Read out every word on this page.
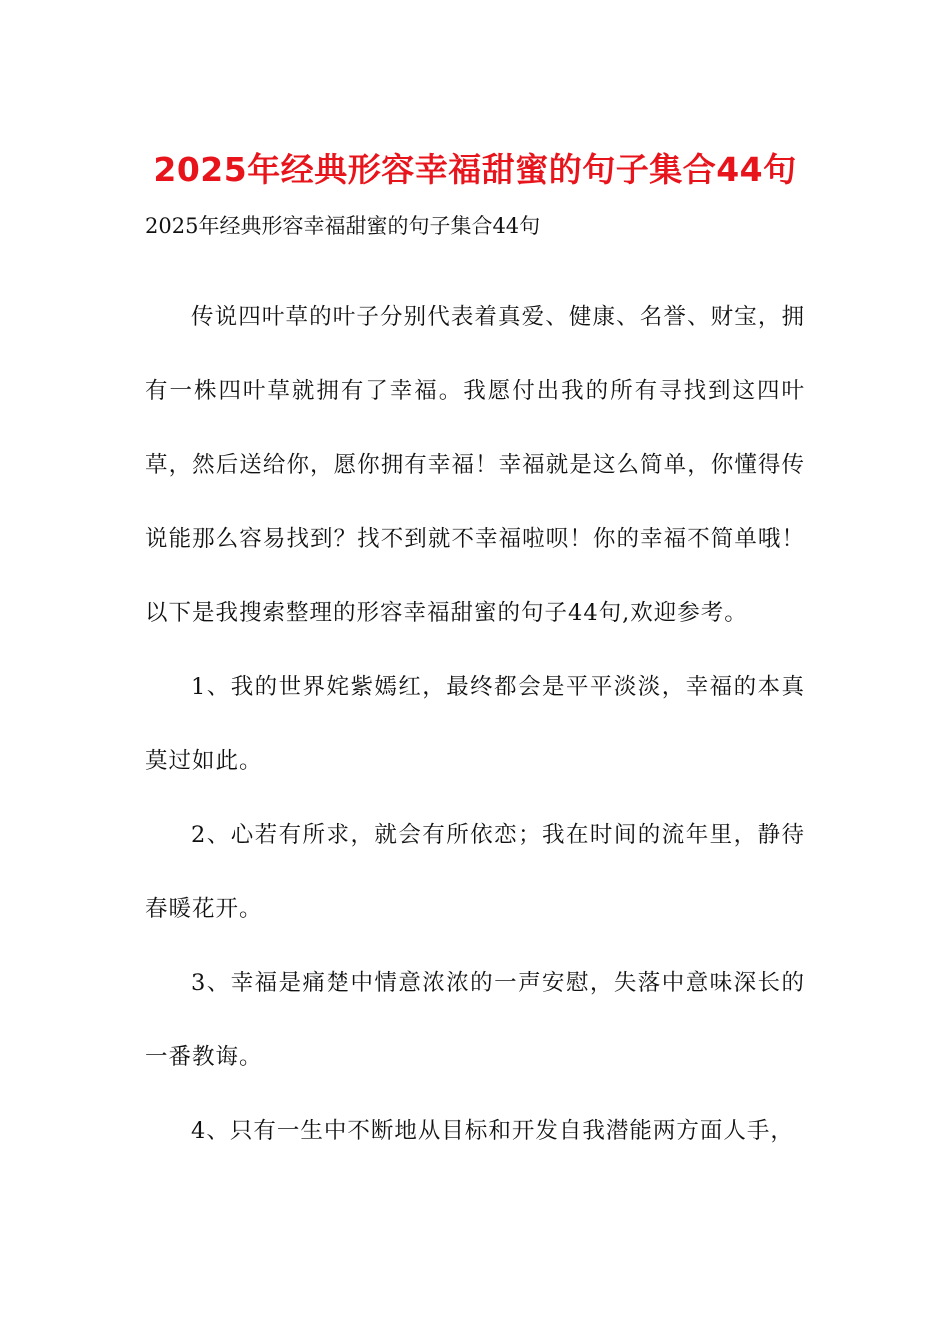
2025年经典形容幸福甜蜜的句子集合44句
2025年经典形容幸福甜蜜的句子集合44句

传说四叶草的叶子分别代表着真爱、健康、名誉、财宝，拥有一株四叶草就拥有了幸福。我愿付出我的所有寻找到这四叶草，然后送给你，愿你拥有幸福！幸福就是这么简单，你懂得传说能那么容易找到？找不到就不幸福啦呗！你的幸福不简单哦！以下是我搜索整理的形容幸福甜蜜的句子44句,欢迎参考。

1、我的世界姹紫嫣红，最终都会是平平淡淡，幸福的本真莫过如此。

2、心若有所求，就会有所依恋；我在时间的流年里，静待春暖花开。

3、幸福是痛楚中情意浓浓的一声安慰，失落中意味深长的一番教诲。

4、只有一生中不断地从目标和开发自我潜能两方面人手，
